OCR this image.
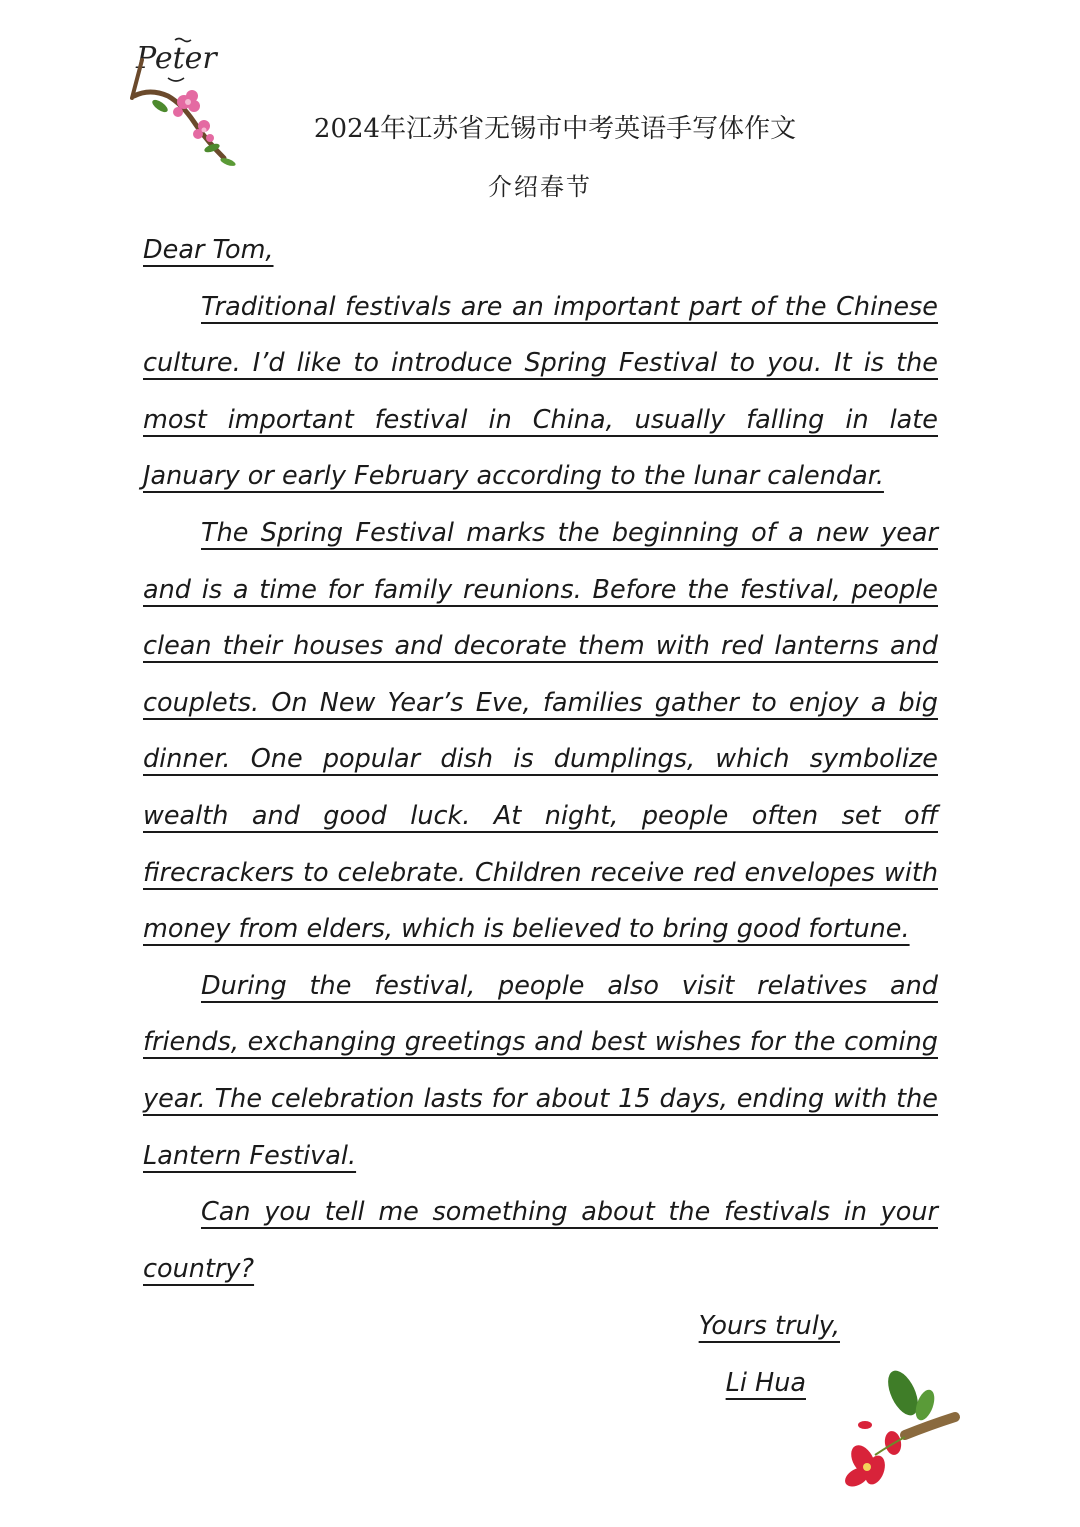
Peter
2024年江苏省无锡市中考英语手写体作文
介绍春节

Dear Tom,

Traditional festivals are an important part of the Chinese culture. I’d like to introduce Spring Festival to you. It is the most important festival in China, usually falling in late January or early February according to the lunar calendar.

The Spring Festival marks the beginning of a new year and is a time for family reunions. Before the festival, people clean their houses and decorate them with red lanterns and couplets. On New Year’s Eve, families gather to enjoy a big dinner. One popular dish is dumplings, which symbolize wealth and good luck. At night, people often set off firecrackers to celebrate. Children receive red envelopes with money from elders, which is believed to bring good fortune.

During the festival, people also visit relatives and friends, exchanging greetings and best wishes for the coming year. The celebration lasts for about 15 days, ending with the Lantern Festival.

Can you tell me something about the festivals in your country?

Yours truly,
Li Hua
